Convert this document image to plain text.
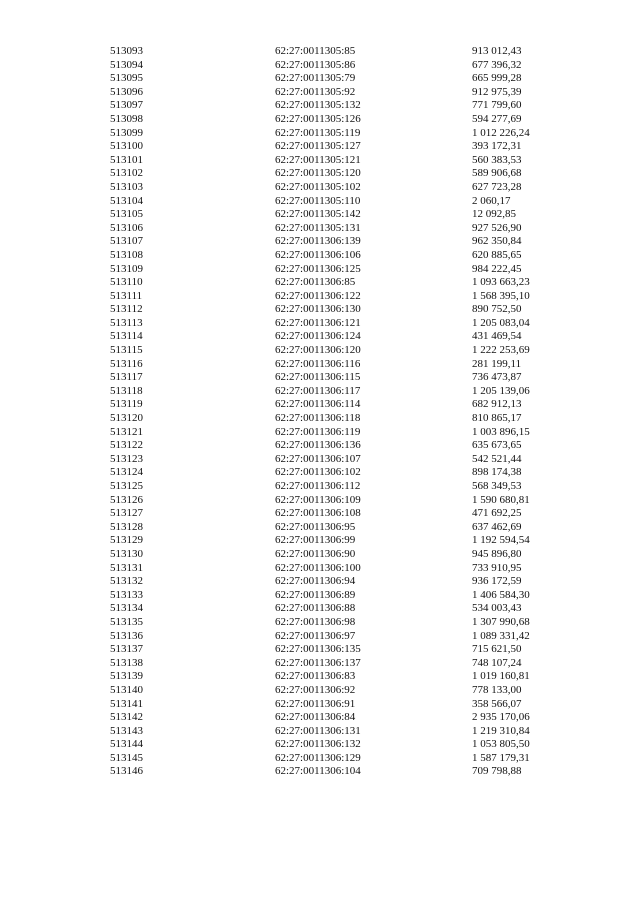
513093	62:27:0011305:85	913 012,43
513094	62:27:0011305:86	677 396,32
513095	62:27:0011305:79	665 999,28
513096	62:27:0011305:92	912 975,39
513097	62:27:0011305:132	771 799,60
513098	62:27:0011305:126	594 277,69
513099	62:27:0011305:119	1 012 226,24
513100	62:27:0011305:127	393 172,31
513101	62:27:0011305:121	560 383,53
513102	62:27:0011305:120	589 906,68
513103	62:27:0011305:102	627 723,28
513104	62:27:0011305:110	2 060,17
513105	62:27:0011305:142	12 092,85
513106	62:27:0011305:131	927 526,90
513107	62:27:0011306:139	962 350,84
513108	62:27:0011306:106	620 885,65
513109	62:27:0011306:125	984 222,45
513110	62:27:0011306:85	1 093 663,23
513111	62:27:0011306:122	1 568 395,10
513112	62:27:0011306:130	890 752,50
513113	62:27:0011306:121	1 205 083,04
513114	62:27:0011306:124	431 469,54
513115	62:27:0011306:120	1 222 253,69
513116	62:27:0011306:116	281 199,11
513117	62:27:0011306:115	736 473,87
513118	62:27:0011306:117	1 205 139,06
513119	62:27:0011306:114	682 912,13
513120	62:27:0011306:118	810 865,17
513121	62:27:0011306:119	1 003 896,15
513122	62:27:0011306:136	635 673,65
513123	62:27:0011306:107	542 521,44
513124	62:27:0011306:102	898 174,38
513125	62:27:0011306:112	568 349,53
513126	62:27:0011306:109	1 590 680,81
513127	62:27:0011306:108	471 692,25
513128	62:27:0011306:95	637 462,69
513129	62:27:0011306:99	1 192 594,54
513130	62:27:0011306:90	945 896,80
513131	62:27:0011306:100	733 910,95
513132	62:27:0011306:94	936 172,59
513133	62:27:0011306:89	1 406 584,30
513134	62:27:0011306:88	534 003,43
513135	62:27:0011306:98	1 307 990,68
513136	62:27:0011306:97	1 089 331,42
513137	62:27:0011306:135	715 621,50
513138	62:27:0011306:137	748 107,24
513139	62:27:0011306:83	1 019 160,81
513140	62:27:0011306:92	778 133,00
513141	62:27:0011306:91	358 566,07
513142	62:27:0011306:84	2 935 170,06
513143	62:27:0011306:131	1 219 310,84
513144	62:27:0011306:132	1 053 805,50
513145	62:27:0011306:129	1 587 179,31
513146	62:27:0011306:104	709 798,88
